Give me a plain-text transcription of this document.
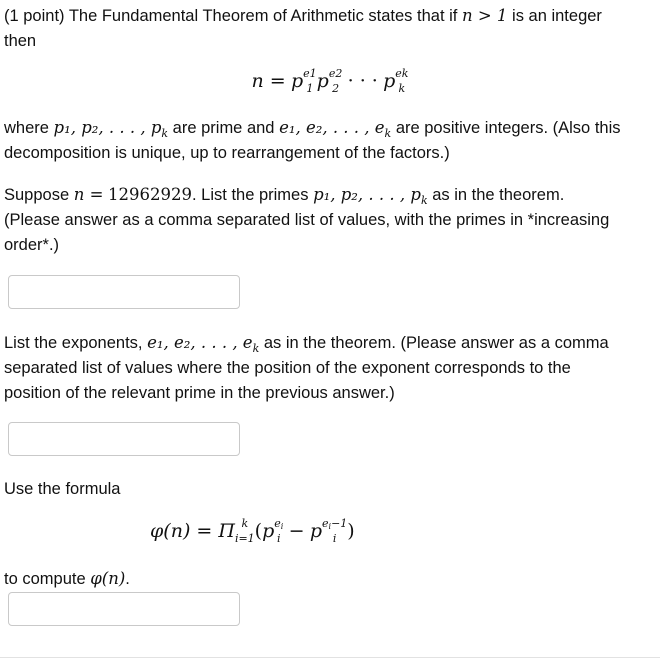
(1 point) The Fundamental Theorem of Arithmetic states that if n > 1 is an integer
then
n = p e1
1 p e2
2 · · · p ek
k
where p₁, p₂, . . . , $p_k$ are prime and e₁, e₂, . . . , $e_k$ are positive integers. (Also this
decomposition is unique, up to rearrangement of the factors.)
Suppose n = 12962929. List the primes p₁, p₂, . . . , $p_k$ as in the theorem.
(Please answer as a comma separated list of values, with the primes in *increasing
order*.)
List the exponents, e₁, e₂, . . . , $e_k$ as in the theorem. (Please answer as a comma
separated list of values where the position of the exponent corresponds to the
position of the relevant prime in the previous answer.)
Use the formula
φ(n) = Π k
i=1 (p $e_i$
i − p $e_i-1$
i )
to compute φ(n).
